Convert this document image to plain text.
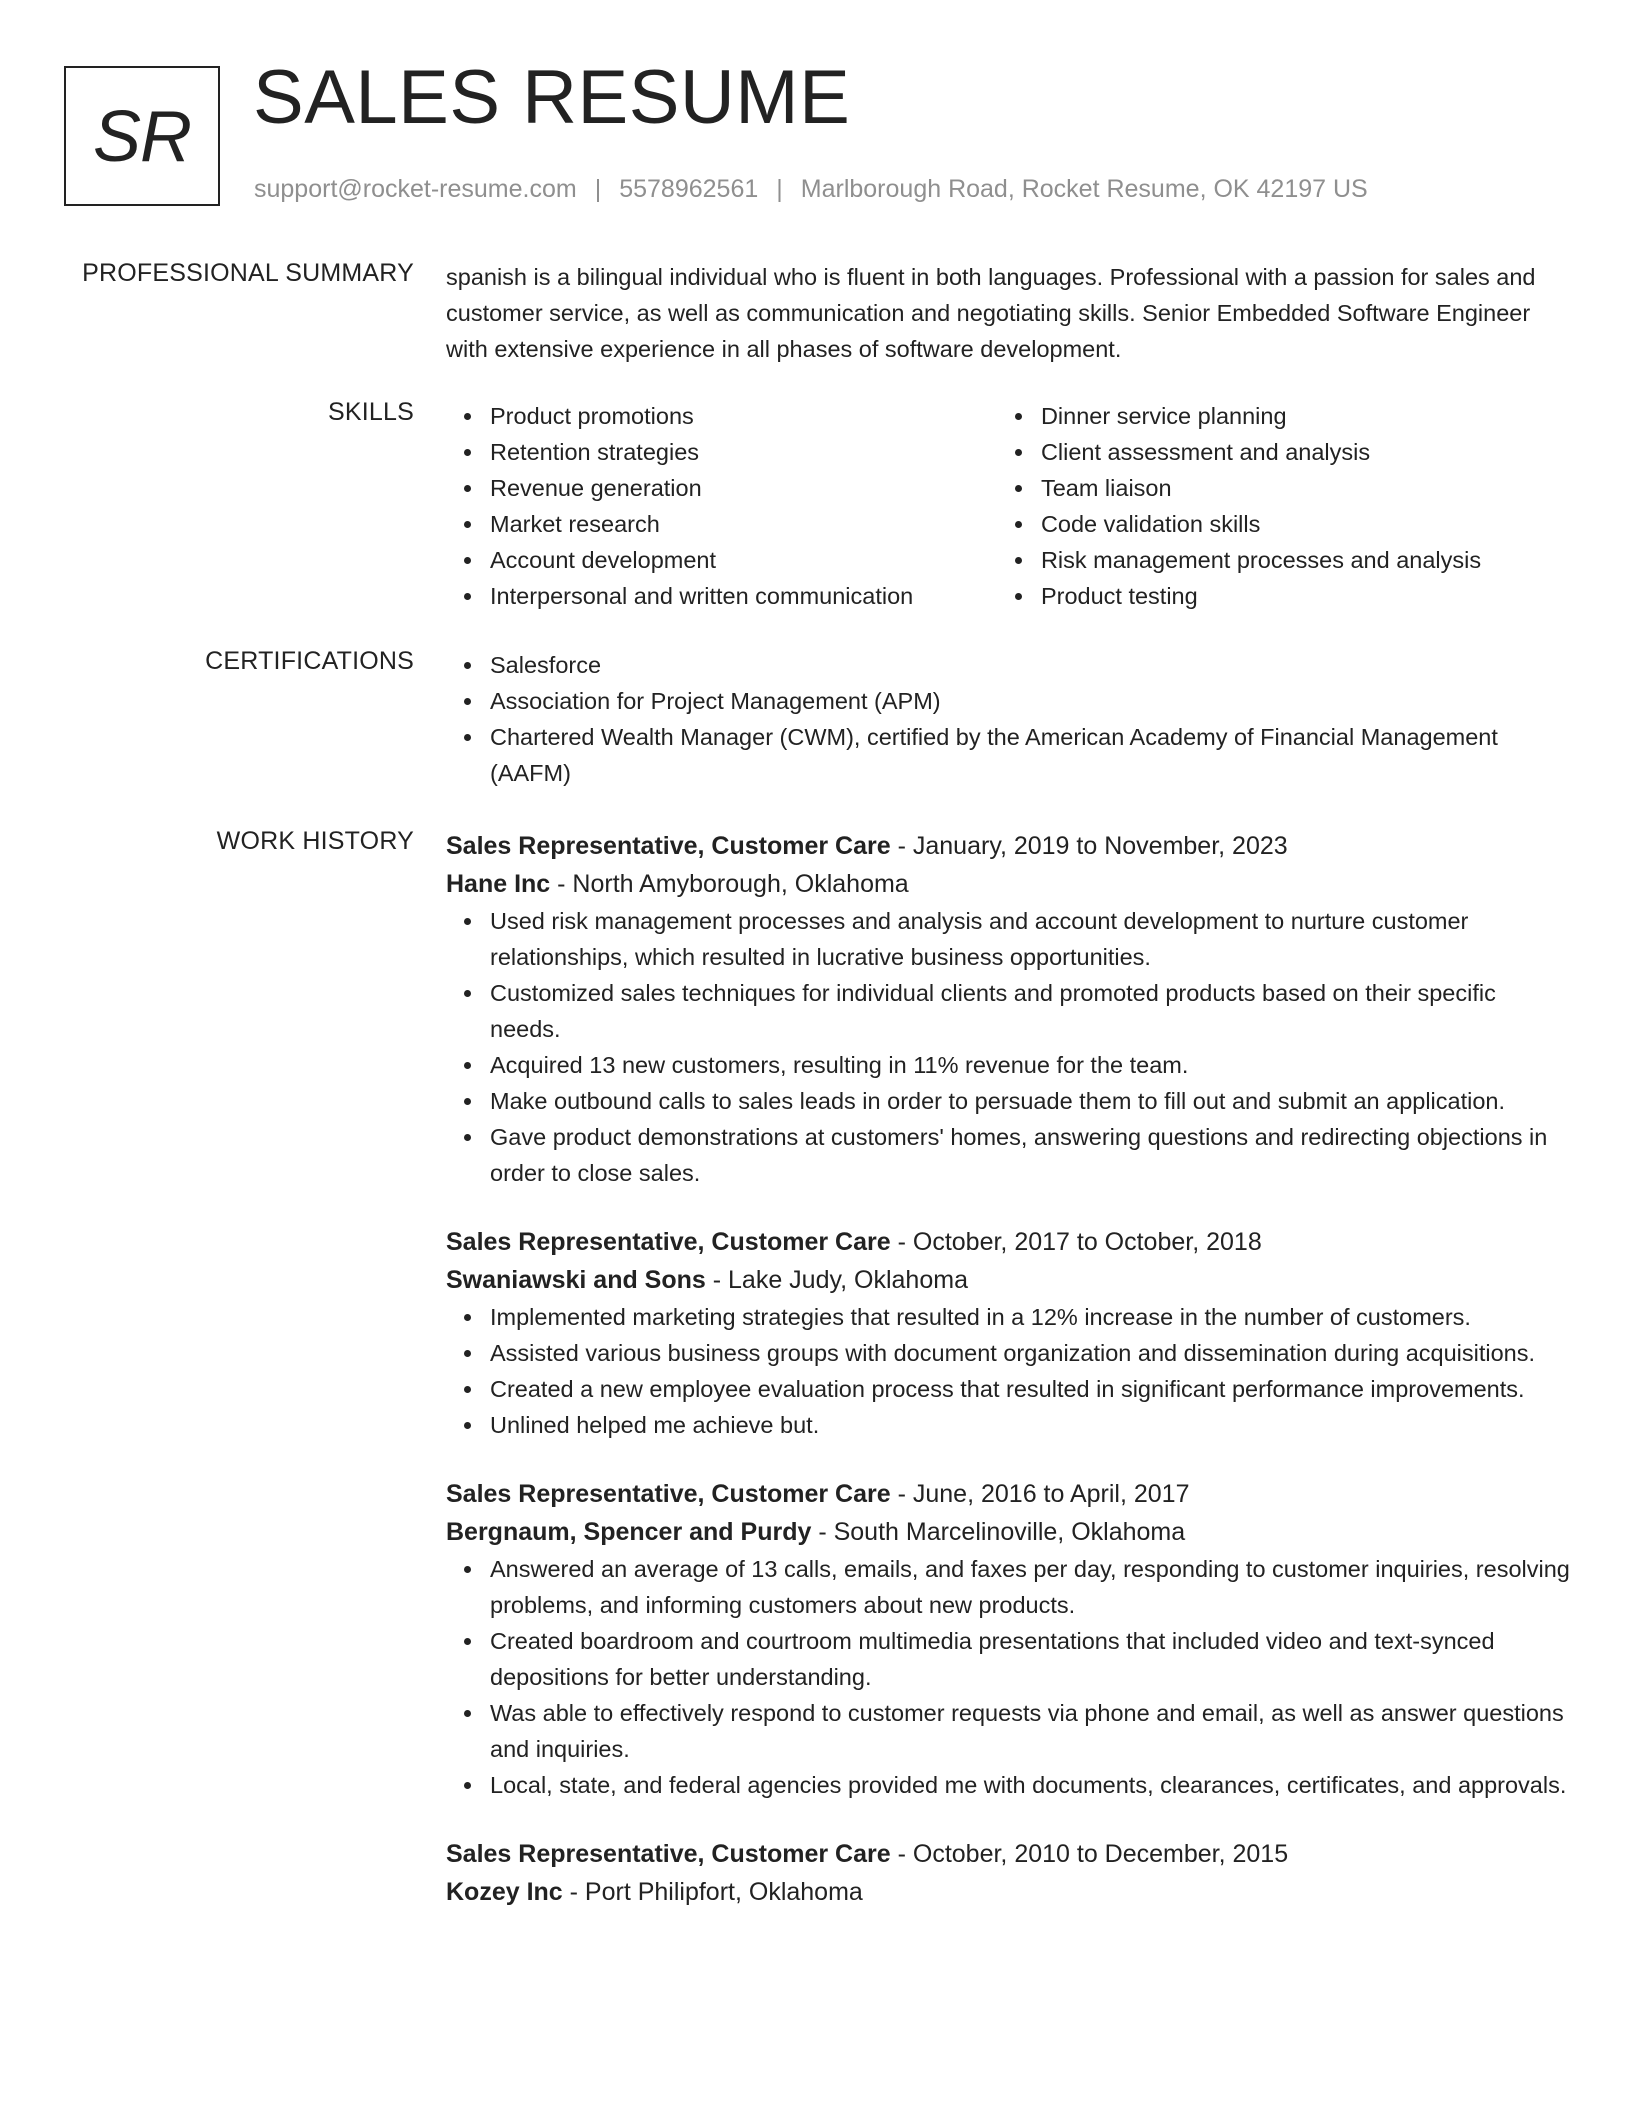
SR SALES RESUME
support@rocket-resume.com | 5578962561 | Marlborough Road, Rocket Resume, OK 42197 US
PROFESSIONAL SUMMARY spanish is a bilingual individual who is fluent in both languages. Professional with a passion for sales and customer service, as well as communication and negotiating skills. Senior Embedded Software Engineer with extensive experience in all phases of software development.

SKILLS	Product promotions
Retention strategies
Revenue generation
Market research
Account development
Interpersonal and written communication
Dinner service planning
Client assessment and analysis
Team liaison
Code validation skills
Risk management processes and analysis
Product testing
CERTIFICATIONS	Salesforce
Association for Project Management (APM)
Chartered Wealth Manager (CWM), certified by the American Academy of Financial Management (AAFM)
WORK HISTORY Sales Representative, Customer Care - January, 2019 to November, 2023
Hane Inc - North Amyborough, Oklahoma
Used risk management processes and analysis and account development to nurture customer relationships, which resulted in lucrative business opportunities.
Customized sales techniques for individual clients and promoted products based on their specific needs.
Acquired 13 new customers, resulting in 11% revenue for the team.
Make outbound calls to sales leads in order to persuade them to fill out and submit an application.
Gave product demonstrations at customers' homes, answering questions and redirecting objections in order to close sales.
Sales Representative, Customer Care - October, 2017 to October, 2018
Swaniawski and Sons - Lake Judy, Oklahoma
Implemented marketing strategies that resulted in a 12% increase in the number of customers.
Assisted various business groups with document organization and dissemination during acquisitions.
Created a new employee evaluation process that resulted in significant performance improvements.
Unlined helped me achieve but.
Sales Representative, Customer Care - June, 2016 to April, 2017
Bergnaum, Spencer and Purdy - South Marcelinoville, Oklahoma
Answered an average of 13 calls, emails, and faxes per day, responding to customer inquiries, resolving problems, and informing customers about new products.
Created boardroom and courtroom multimedia presentations that included video and text-synced depositions for better understanding.
Was able to effectively respond to customer requests via phone and email, as well as answer questions and inquiries.
Local, state, and federal agencies provided me with documents, clearances, certificates, and approvals.
Sales Representative, Customer Care - October, 2010 to December, 2015
Kozey Inc - Port Philipfort, Oklahoma
